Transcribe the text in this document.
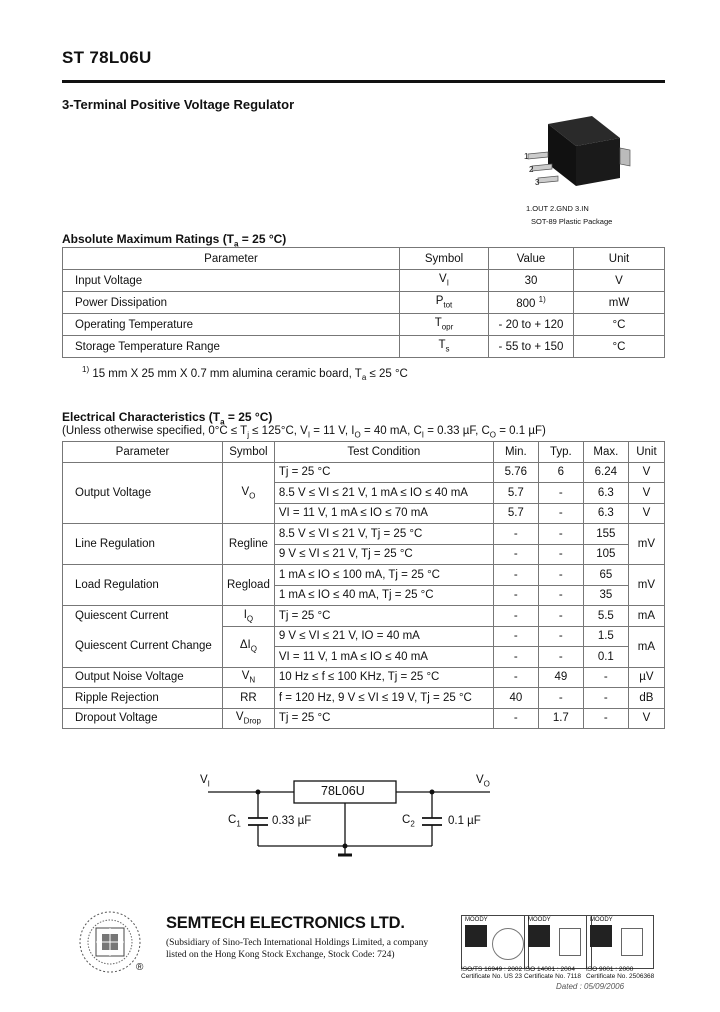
ST 78L06U
3-Terminal Positive Voltage Regulator
1
2
3
1.OUT 2.GND 3.IN
SOT-89 Plastic Package
Absolute Maximum Ratings ($T_a = 25$ °C)
Parameter	Symbol	Value	Unit
Input Voltage	$V_I$	30	V
Power Dissipation	$P_{tot}$	800 $^{1)}$	mW
Operating Temperature	$T_{opr}$	- 20 to + 120	°C
Storage Temperature Range	$T_s$	- 55 to + 150	°C
$^{1)}$ 15 mm X 25 mm X 0.7 mm alumina ceramic board, $T_a \le 25$ °C
Electrical Characteristics ($T_a = 25$ °C)
(Unless otherwise specified, $0^\circ C \le T_j \le 125^\circ C$, $V_I = 11$ V, $I_O = 40$ mA, $C_I = 0.33$ µF, $C_O = 0.1$ µF)
Parameter	Symbol	Test Condition	Min.	Typ.	Max.	Unit
Output Voltage	$V_O$	Tj = 25 °C	5.76	6	6.24	V
		8.5 V ≤ VI ≤ 21 V, 1 mA ≤ IO ≤ 40 mA	5.7	-	6.3	V
		VI = 11 V, 1 mA ≤ IO ≤ 70 mA	5.7	-	6.3	V
Line Regulation	Regline	8.5 V ≤ VI ≤ 21 V, Tj = 25 °C	-	-	155	mV
		9 V ≤ VI ≤ 21 V, Tj = 25 °C	-	-	105	
Load Regulation	Regload	1 mA ≤ IO ≤ 100 mA, Tj = 25 °C	-	-	65	mV
		1 mA ≤ IO ≤ 40 mA, Tj = 25 °C	-	-	35	
Quiescent Current	$I_Q$	Tj = 25 °C	-	-	5.5	mA
Quiescent Current Change	$\Delta I_Q$	9 V ≤ VI ≤ 21 V, IO = 40 mA	-	-	1.5	mA
		VI = 11 V, 1 mA ≤ IO ≤ 40 mA	-	-	0.1	
Output Noise Voltage	$V_N$	10 Hz ≤ f ≤ 100 KHz, Tj = 25 °C	-	49	-	µV
Ripple Rejection	RR	f = 120 Hz, 9 V ≤ VI ≤ 19 V, Tj = 25 °C	40	-	-	dB
Dropout Voltage	$V_{Drop}$	Tj = 25 °C	-	1.7	-	V
$V_I$	$V_O$
78L06U
$C_1$	0.33 µF	$C_2$	0.1 µF
®
SEMTECH ELECTRONICS LTD.
(Subsidiary of Sino-Tech International Holdings Limited, a company
listed on the Hong Kong Stock Exchange, Stock Code: 724)
MOODY
ISO/TS 16949 : 2002
Certificate No. US 23
MOODY
ISO 14001 : 2004
Certificate No. 7118
MOODY
ISO 9001 : 2000
Certificate No. 2506368
Dated : 05/09/2006
